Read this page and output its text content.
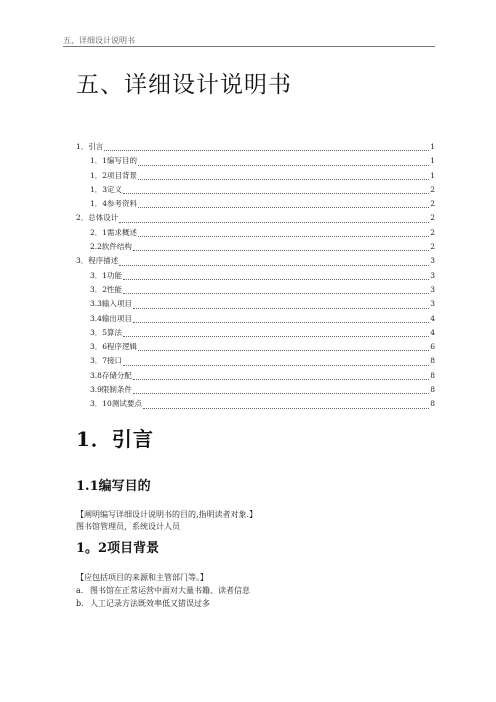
五、详细设计说明书
五、详细设计说明书
1．引言	1
1．1编写目的	1
1．2项目背景	1
1．3定义	2
1．4参考资料	2
2．总体设计	2
2．1需求概述	2
2.2软件结构	2
3．程序描述	3
3．1功能	3
3．2性能	3
3.3输入项目	3
3.4输出项目	4
3．5算法	4
3．6程序逻辑	6
3．7接口	8
3.8存储分配	8
3.9限制条件	8
3．10测试要点	8
1．引言
1.1编写目的
【阐明编写详细设计说明书的目的,指明读者对象.】
图书馆管理员，系统设计人员
1。2项目背景
【应包括项目的来源和主管部门等。】
a. 图书馆在正常运营中面对大量书籍、读者信息
b. 人工记录方法既效率低又错误过多
